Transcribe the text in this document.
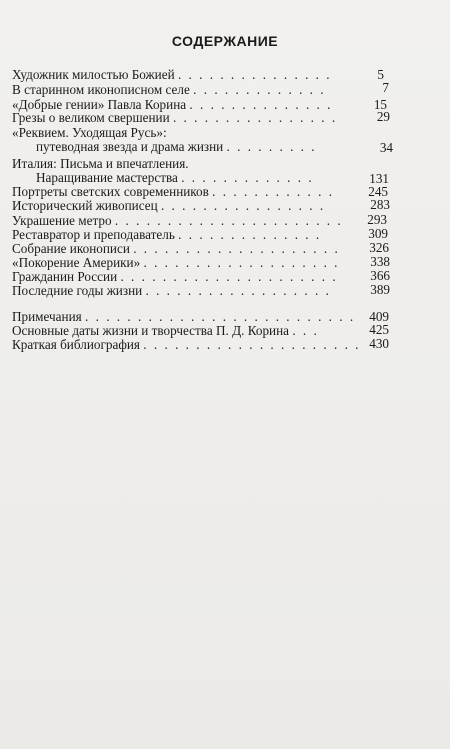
СОДЕРЖАНИЕ
Художник милостью Божией . . . . . . . . . . . . . . .	5
В старинном иконописном селе . . . . . . . . . . . . .	7
«Добрые гении» Павла Корина . . . . . . . . . . . . . .	15
Грезы о великом свершении . . . . . . . . . . . . . . . .	29
«Реквием. Уходящая Русь»:
путеводная звезда и драма жизни . . . . . . . . .	34
Италия: Письма и впечатления.
Наращивание мастерства . . . . . . . . . . . . .	131
Портреты светских современников . . . . . . . . . . . .	245
Исторический живописец . . . . . . . . . . . . . . . .	283
Украшение метро . . . . . . . . . . . . . . . . . . . . . .	293
Реставратор и преподаватель . . . . . . . . . . . . . .	309
Собрание иконописи . . . . . . . . . . . . . . . . . . . .	326
«Покорение Америки» . . . . . . . . . . . . . . . . . . .	338
Гражданин России . . . . . . . . . . . . . . . . . . . . .	366
Последние годы жизни . . . . . . . . . . . . . . . . . .	389
Примечания . . . . . . . . . . . . . . . . . . . . . . . . . .	409
Основные даты жизни и творчества П. Д. Корина . . .	425
Краткая библиография . . . . . . . . . . . . . . . . . . . . . 430
